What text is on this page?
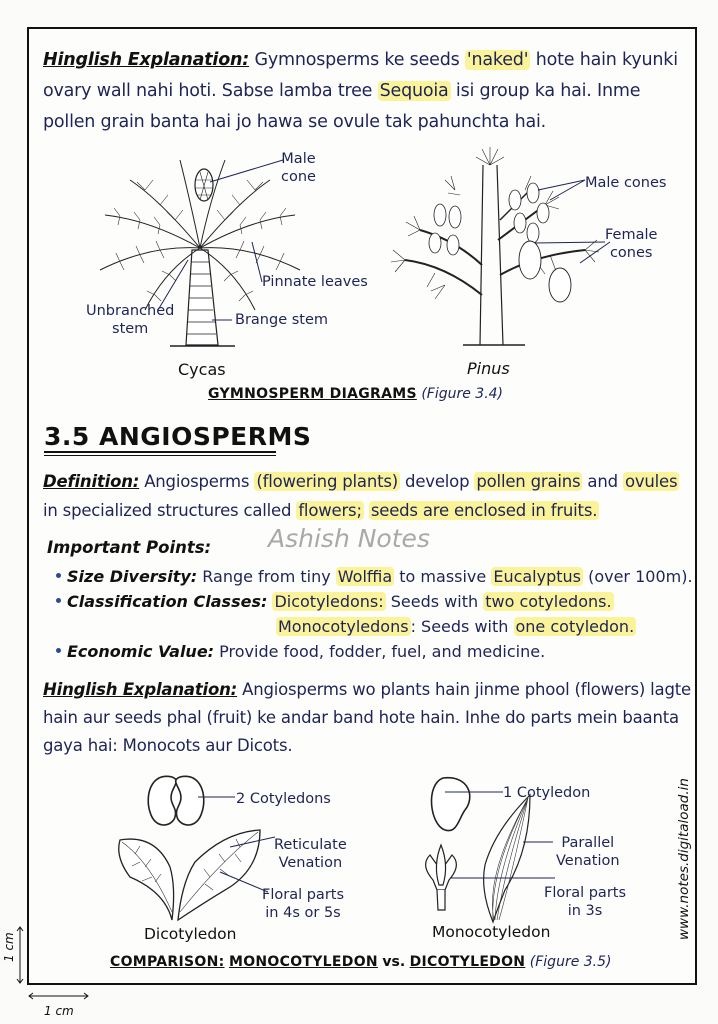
Hinglish Explanation: Gymnosperms ke seeds 'naked' hote hain kyunki ovary wall nahi hoti. Sabse lamba tree Sequoia isi group ka hai. Inme pollen grain banta hai jo hawa se ovule tak pahunchta hai.
Male
cone
Pinnate leaves
Unbranched
stem
Brange stem
Cycas
Male cones
Female
cones
Pinus
GYMNOSPERM DIAGRAMS (Figure 3.4)
3.5 ANGIOSPERMS
Definition: Angiosperms (flowering plants) develop pollen grains and ovules in specialized structures called flowers; seeds are enclosed in fruits.
Important Points: Ashish Notes
Size Diversity: Range from tiny Wolffia to massive Eucalyptus (over 100m).
Classification Classes: Dicotyledons: Seeds with two cotyledons.
Monocotyledons : Seeds with one cotyledon.
Economic Value: Provide food, fodder, fuel, and medicine.
Hinglish Explanation: Angiosperms wo plants hain jinme phool (flowers) lagte hain aur seeds phal (fruit) ke andar band hote hain. Inhe do parts mein baanta gaya hai: Monocots aur Dicots.
2 Cotyledons
Reticulate
Venation
Floral parts
in 4s or 5s
Dicotyledon
1 Cotyledon
Parallel
Venation
Floral parts
in 3s
Monocotyledon
COMPARISON: MONOCOTYLEDON vs. DICOTYLEDON (Figure 3.5)
www.notes.digitaload.in
1 cm
1 cm
